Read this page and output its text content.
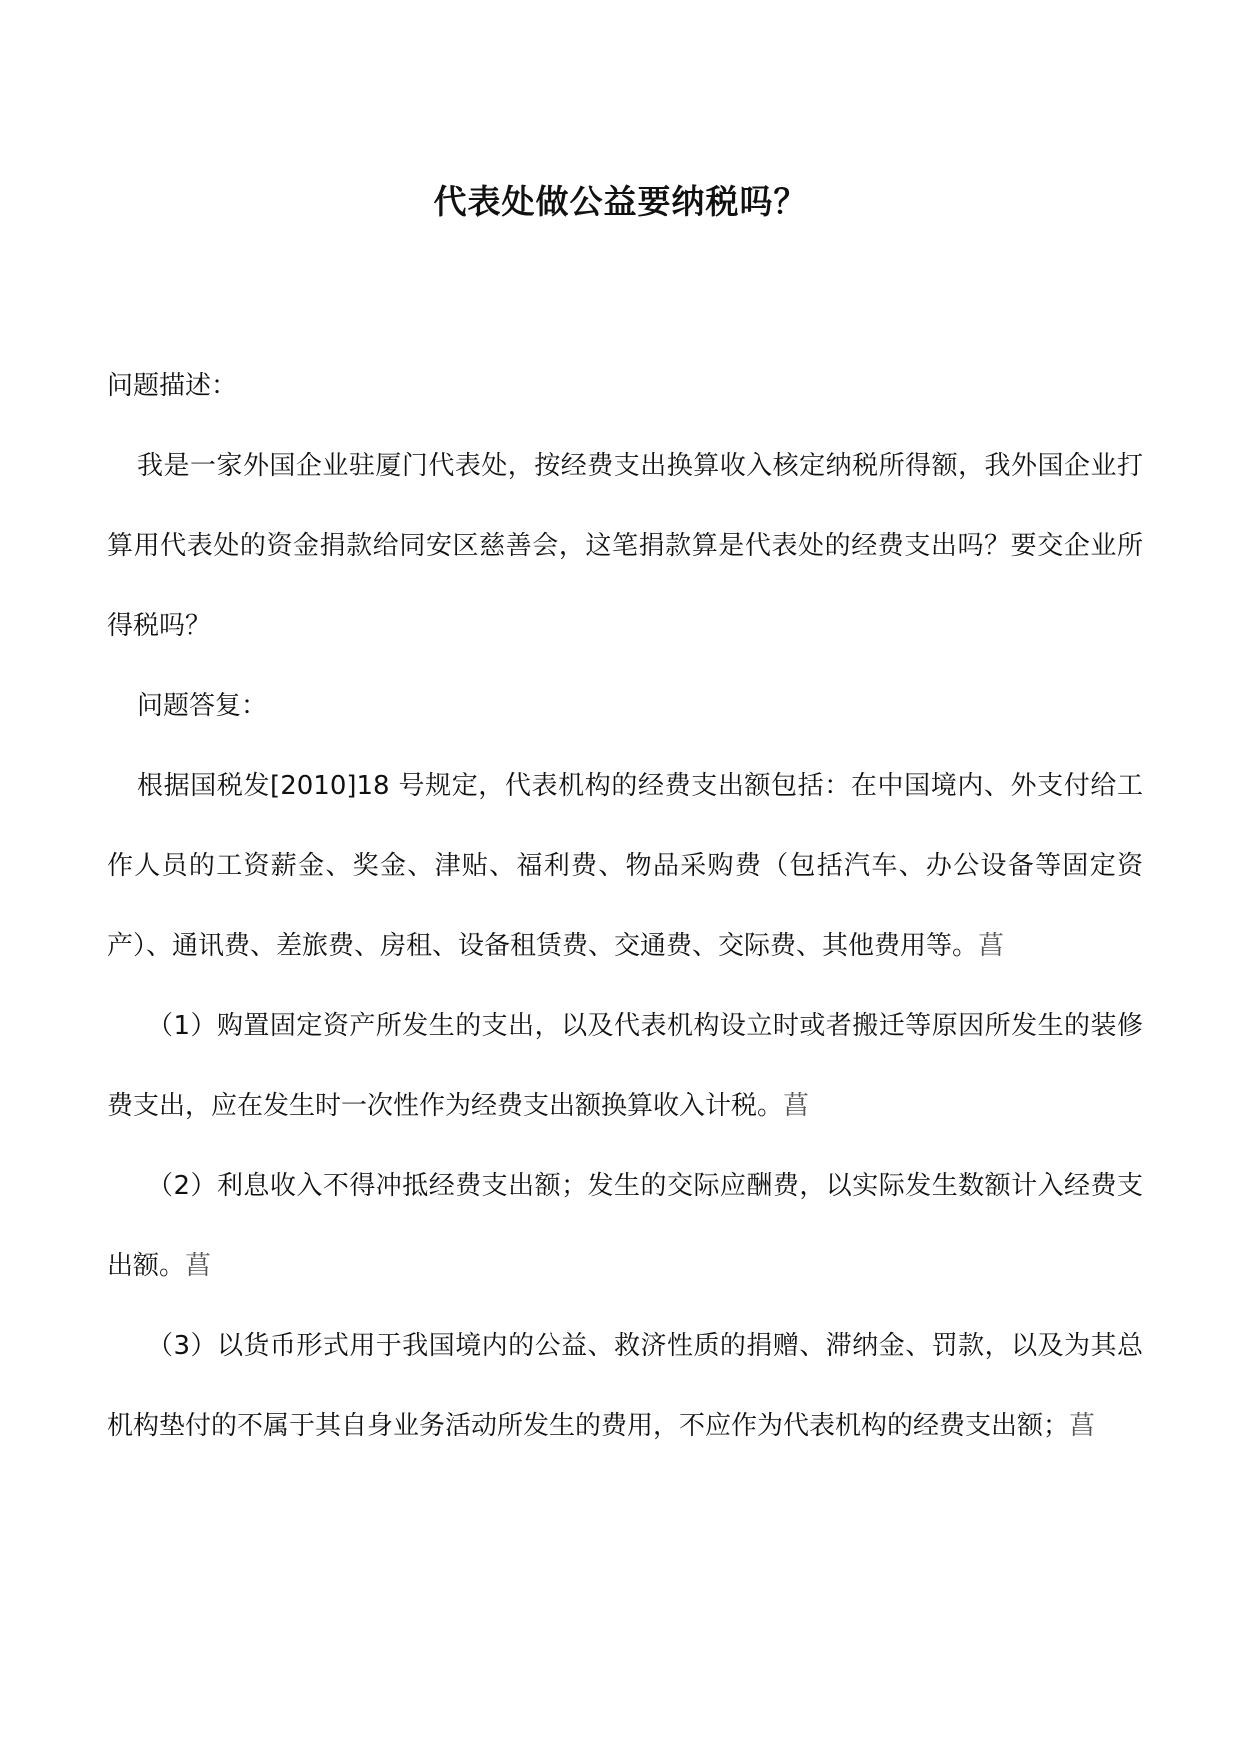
代表处做公益要纳税吗？

问题描述：

我是一家外国企业驻厦门代表处，按经费支出换算收入核定纳税所得额，我外国企业打算用代表处的资金捐款给同安区慈善会，这笔捐款算是代表处的经费支出吗？要交企业所得税吗？

问题答复：

根据国税发[2010]18 号规定，代表机构的经费支出额包括：在中国境内、外支付给工作人员的工资薪金、奖金、津贴、福利费、物品采购费（包括汽车、办公设备等固定资产）、通讯费、差旅费、房租、设备租赁费、交通费、交际费、其他费用等。菖

（1）购置固定资产所发生的支出，以及代表机构设立时或者搬迁等原因所发生的装修费支出，应在发生时一次性作为经费支出额换算收入计税。菖

（2）利息收入不得冲抵经费支出额；发生的交际应酬费，以实际发生数额计入经费支出额。菖

（3）以货币形式用于我国境内的公益、救济性质的捐赠、滞纳金、罚款，以及为其总机构垫付的不属于其自身业务活动所发生的费用，不应作为代表机构的经费支出额；菖
